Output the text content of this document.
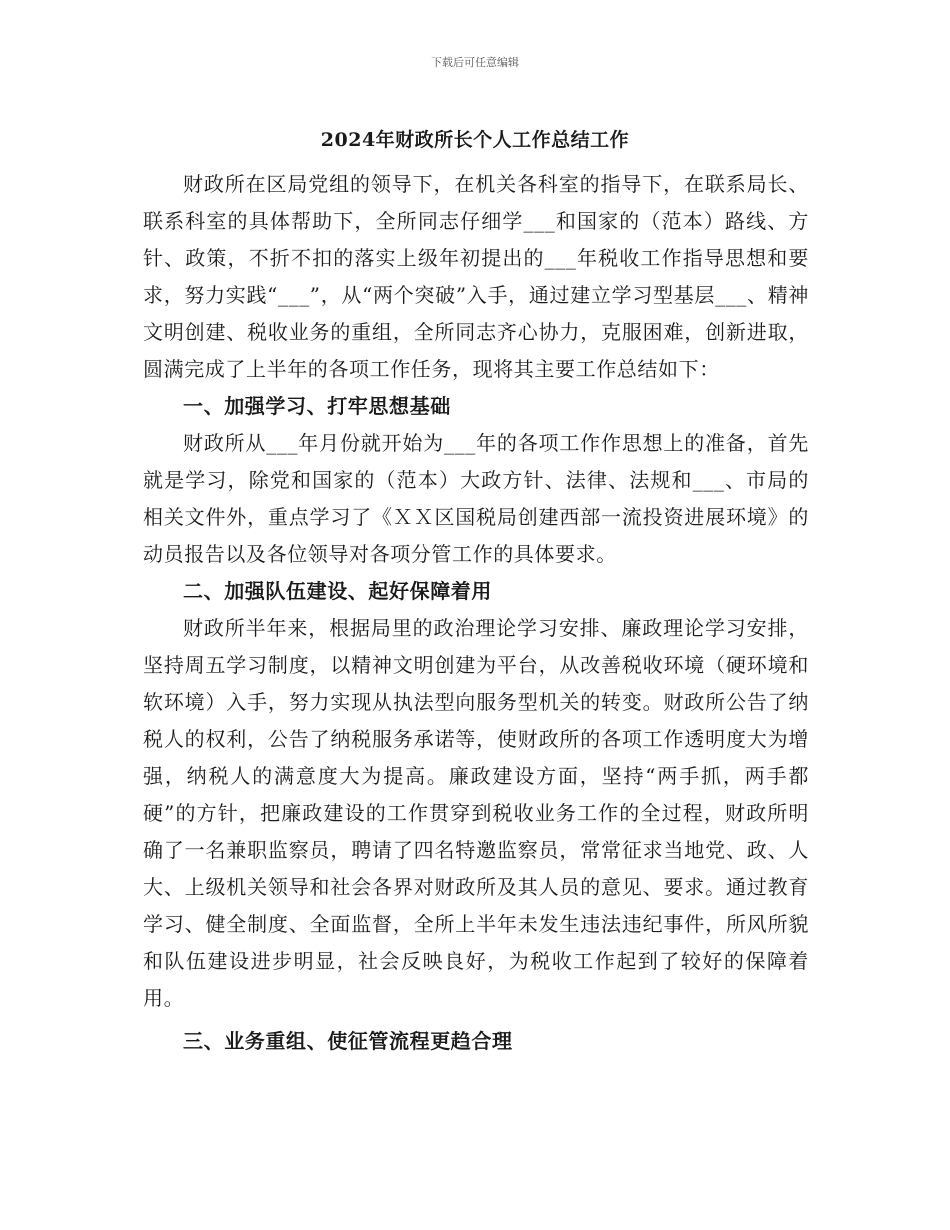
下载后可任意编辑
2024年财政所长个人工作总结工作

财政所在区局党组的领导下，在机关各科室的指导下，在联系局长、联系科室的具体帮助下，全所同志仔细学___和国家的（范本）路线、方针、政策，不折不扣的落实上级年初提出的___年税收工作指导思想和要求，努力实践“___”，从“两个突破”入手，通过建立学习型基层___、精神文明创建、税收业务的重组，全所同志齐心协力，克服困难，创新进取，圆满完成了上半年的各项工作任务，现将其主要工作总结如下：

一、加强学习、打牢思想基础

财政所从___年月份就开始为___年的各项工作作思想上的准备，首先就是学习，除党和国家的（范本）大政方针、法律、法规和___、市局的相关文件外，重点学习了《ＸＸ区国税局创建西部一流投资进展环境》的动员报告以及各位领导对各项分管工作的具体要求。

二、加强队伍建设、起好保障着用

财政所半年来，根据局里的政治理论学习安排、廉政理论学习安排，坚持周五学习制度，以精神文明创建为平台，从改善税收环境（硬环境和软环境）入手，努力实现从执法型向服务型机关的转变。财政所公告了纳税人的权利，公告了纳税服务承诺等，使财政所的各项工作透明度大为增强，纳税人的满意度大为提高。廉政建设方面，坚持“两手抓，两手都硬”的方针，把廉政建设的工作贯穿到税收业务工作的全过程，财政所明确了一名兼职监察员，聘请了四名特邀监察员，常常征求当地党、政、人大、上级机关领导和社会各界对财政所及其人员的意见、要求。通过教育学习、健全制度、全面监督，全所上半年未发生违法违纪事件，所风所貌和队伍建设进步明显，社会反映良好，为税收工作起到了较好的保障着用。

三、业务重组、使征管流程更趋合理
